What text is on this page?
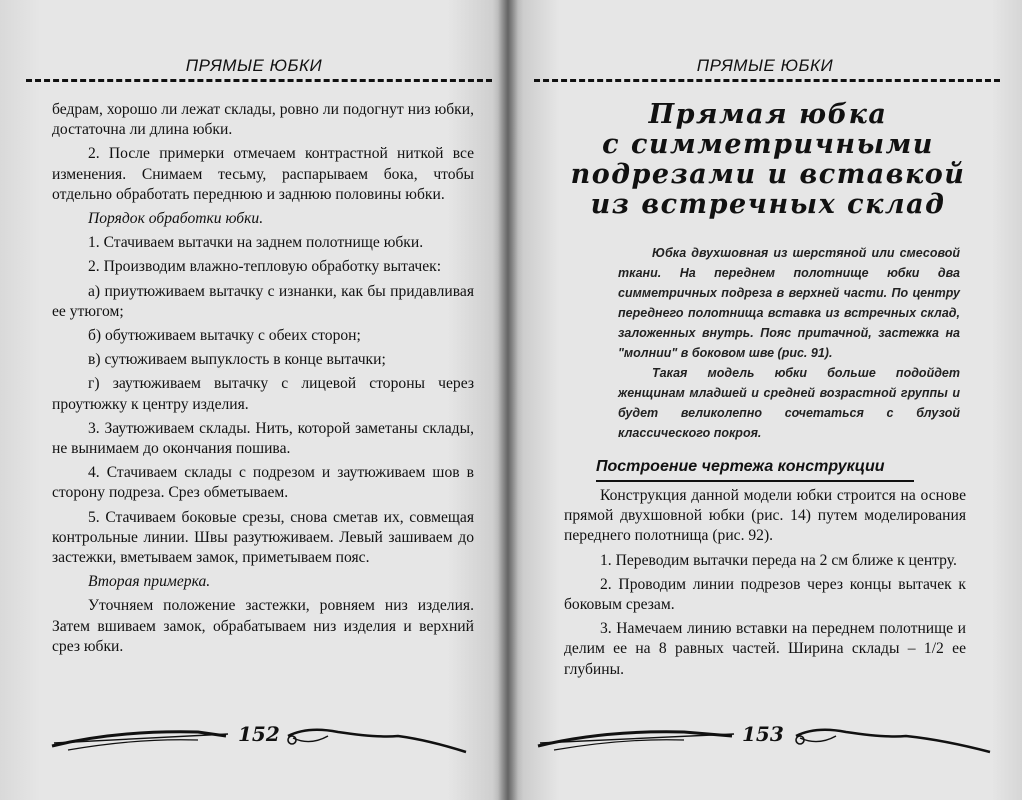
ПРЯМЫЕ ЮБКИ

бедрам, хорошо ли лежат склады, ровно ли подогнут низ юбки, достаточна ли длина юбки.

2. После примерки отмечаем контрастной ниткой все изменения. Снимаем тесьму, распарываем бока, чтобы отдельно обработать переднюю и заднюю половины юбки.

Порядок обработки юбки.

1. Стачиваем вытачки на заднем полотнище юбки.

2. Производим влажно-тепловую обработку вытачек:

а) приутюживаем вытачку с изнанки, как бы придавливая ее утюгом;

б) обутюживаем вытачку с обеих сторон;

в) сутюживаем выпуклость в конце вытачки;

г) заутюживаем вытачку с лицевой стороны через проутюжку к центру изделия.

3. Заутюживаем склады. Нить, которой заметаны склады, не вынимаем до окончания пошива.

4. Стачиваем склады с подрезом и заутюживаем шов в сторону подреза. Срез обметываем.

5. Стачиваем боковые срезы, снова сметав их, совмещая контрольные линии. Швы разутюживаем. Левый зашиваем до застежки, вметываем замок, приметываем пояс.

Вторая примерка.

Уточняем положение застежки, ровняем низ изделия. Затем вшиваем замок, обрабатываем низ изделия и верхний срез юбки.

152
ПРЯМЫЕ ЮБКИ
Прямая юбка
с симметричными
подрезами и вставкой
из встречных склад

Юбка двухшовная из шерстяной или смесовой ткани. На переднем полотнище юбки два симметричных подреза в верхней части. По центру переднего полотнища вставка из встречных склад, заложенных внутрь. Пояс притачной, застежка на "молнии" в боковом шве (рис. 91).

Такая модель юбки больше подойдет женщинам младшей и средней возрастной группы и будет великолепно сочетаться с блузой классического покроя.

Построение чертежа конструкции

Конструкция данной модели юбки строится на основе прямой двухшовной юбки (рис. 14) путем моделирования переднего полотнища (рис. 92).

1. Переводим вытачки переда на 2 см ближе к центру.

2. Проводим линии подрезов через концы вытачек к боковым срезам.

3. Намечаем линию вставки на переднем полотнище и делим ее на 8 равных частей. Ширина склады – 1/2 ее глубины.

153
